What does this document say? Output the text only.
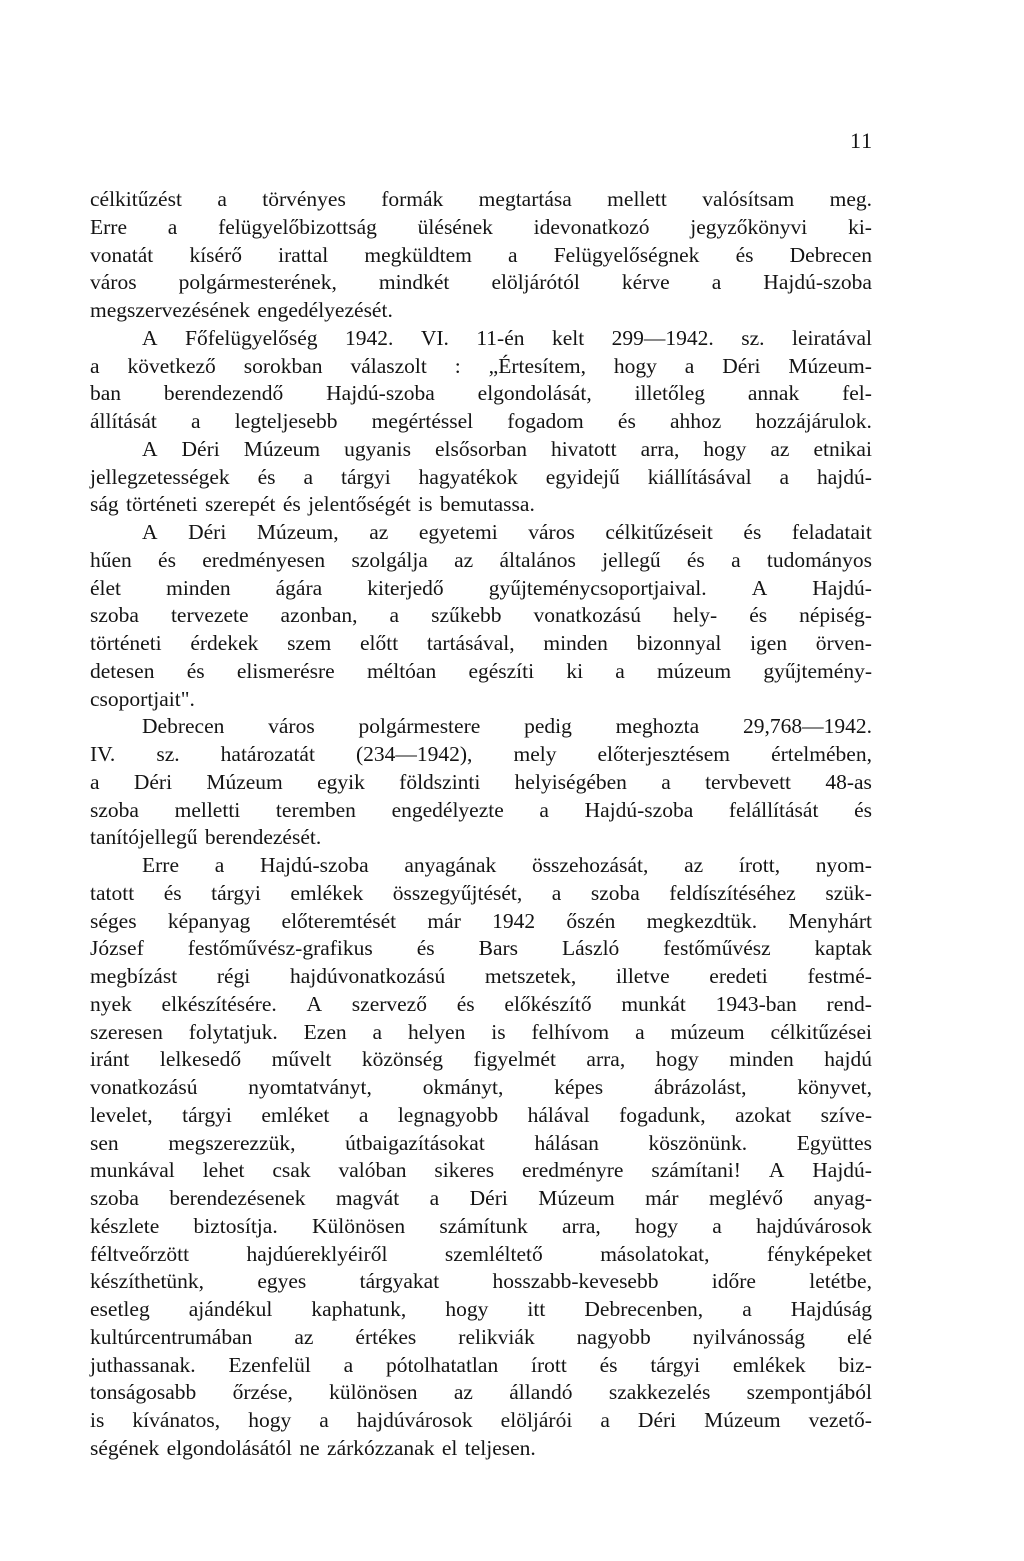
11
célkitűzést a törvényes formák megtartása mellett valósítsam meg.
Erre a felügyelőbizottság ülésének idevonatkozó jegyzőkönyvi ki-
vonatát kísérő irattal megküldtem a Felügyelőségnek és Debrecen
város polgármesterének, mindkét elöljárótól kérve a Hajdú-szoba
megszervezésének engedélyezését.
A Főfelügyelőség 1942. VI. 11-én kelt 299—1942. sz. leiratával
a következő sorokban válaszolt : „Értesítem, hogy a Déri Múzeum-
ban berendezendő Hajdú-szoba elgondolását, illetőleg annak fel-
állítását a legteljesebb megértéssel fogadom és ahhoz hozzájárulok.
A Déri Múzeum ugyanis elsősorban hivatott arra, hogy az etnikai
jellegzetességek és a tárgyi hagyatékok egyidejű kiállításával a hajdú-
ság történeti szerepét és jelentőségét is bemutassa.
A Déri Múzeum, az egyetemi város célkitűzéseit és feladatait
hűen és eredményesen szolgálja az általános jellegű és a tudományos
élet minden ágára kiterjedő gyűjteménycsoportjaival. A Hajdú-
szoba tervezete azonban, a szűkebb vonatkozású hely- és népiség-
történeti érdekek szem előtt tartásával, minden bizonnyal igen örven-
detesen és elismerésre méltóan egészíti ki a múzeum gyűjtemény-
csoportjait".
Debrecen város polgármestere pedig meghozta 29,768—1942.
IV. sz. határozatát (234—1942), mely előterjesztésem értelmében,
a Déri Múzeum egyik földszinti helyiségében a tervbevett 48-as
szoba melletti teremben engedélyezte a Hajdú-szoba felállítását és
tanítójellegű berendezését.
Erre a Hajdú-szoba anyagának összehozását, az írott, nyom-
tatott és tárgyi emlékek összegyűjtését, a szoba feldíszítéséhez szük-
séges képanyag előteremtését már 1942 őszén megkezdtük. Menyhárt
József festőművész-grafikus és Bars László festőművész kaptak
megbízást régi hajdúvonatkozású metszetek, illetve eredeti festmé-
nyek elkészítésére. A szervező és előkészítő munkát 1943-ban rend-
szeresen folytatjuk. Ezen a helyen is felhívom a múzeum célkitűzései
iránt lelkesedő művelt közönség figyelmét arra, hogy minden hajdú
vonatkozású nyomtatványt, okmányt, képes ábrázolást, könyvet,
levelet, tárgyi emléket a legnagyobb hálával fogadunk, azokat szíve-
sen megszerezzük, útbaigazításokat hálásan köszönünk. Együttes
munkával lehet csak valóban sikeres eredményre számítani! A Hajdú-
szoba berendezésenek magvát a Déri Múzeum már meglévő anyag-
készlete biztosítja. Különösen számítunk arra, hogy a hajdúvárosok
féltveőrzött	hajdúereklyéiről	szemléltető	másolatokat,	fényképeket
készíthetünk, egyes tárgyakat hosszabb-kevesebb időre letétbe,
esetleg ajándékul kaphatunk, hogy itt Debrecenben, a Hajdúság
kultúrcentrumában az értékes relikviák nagyobb nyilvánosság elé
juthassanak. Ezenfelül a pótolhatatlan írott és tárgyi emlékek biz-
tonságosabb őrzése, különösen az állandó szakkezelés szempontjából
is kívánatos, hogy a hajdúvárosok elöljárói a Déri Múzeum vezető-
ségének elgondolásától ne zárkózzanak el teljesen.
